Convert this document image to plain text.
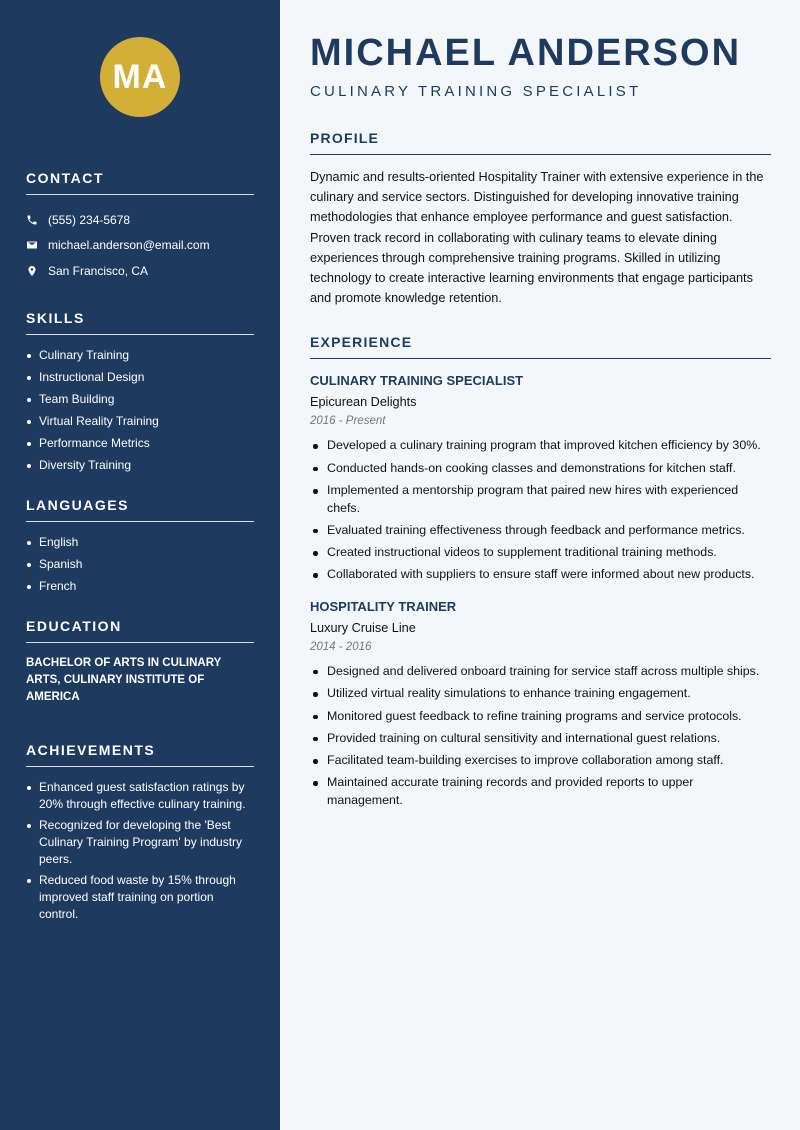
MA
CONTACT
(555) 234-5678
michael.anderson@email.com
San Francisco, CA
SKILLS
Culinary Training
Instructional Design
Team Building
Virtual Reality Training
Performance Metrics
Diversity Training
LANGUAGES
English
Spanish
French
EDUCATION
BACHELOR OF ARTS IN CULINARY ARTS, CULINARY INSTITUTE OF AMERICA
ACHIEVEMENTS
Enhanced guest satisfaction ratings by 20% through effective culinary training.
Recognized for developing the 'Best Culinary Training Program' by industry peers.
Reduced food waste by 15% through improved staff training on portion control.
MICHAEL ANDERSON
CULINARY TRAINING SPECIALIST
PROFILE

Dynamic and results-oriented Hospitality Trainer with extensive experience in the culinary and service sectors. Distinguished for developing innovative training methodologies that enhance employee performance and guest satisfaction. Proven track record in collaborating with culinary teams to elevate dining experiences through comprehensive training programs. Skilled in utilizing technology to create interactive learning environments that engage participants and promote knowledge retention.

EXPERIENCE
CULINARY TRAINING SPECIALIST
Epicurean Delights
2016 - Present
Developed a culinary training program that improved kitchen efficiency by 30%.
Conducted hands-on cooking classes and demonstrations for kitchen staff.
Implemented a mentorship program that paired new hires with experienced chefs.
Evaluated training effectiveness through feedback and performance metrics.
Created instructional videos to supplement traditional training methods.
Collaborated with suppliers to ensure staff were informed about new products.
HOSPITALITY TRAINER
Luxury Cruise Line
2014 - 2016
Designed and delivered onboard training for service staff across multiple ships.
Utilized virtual reality simulations to enhance training engagement.
Monitored guest feedback to refine training programs and service protocols.
Provided training on cultural sensitivity and international guest relations.
Facilitated team-building exercises to improve collaboration among staff.
Maintained accurate training records and provided reports to upper management.
